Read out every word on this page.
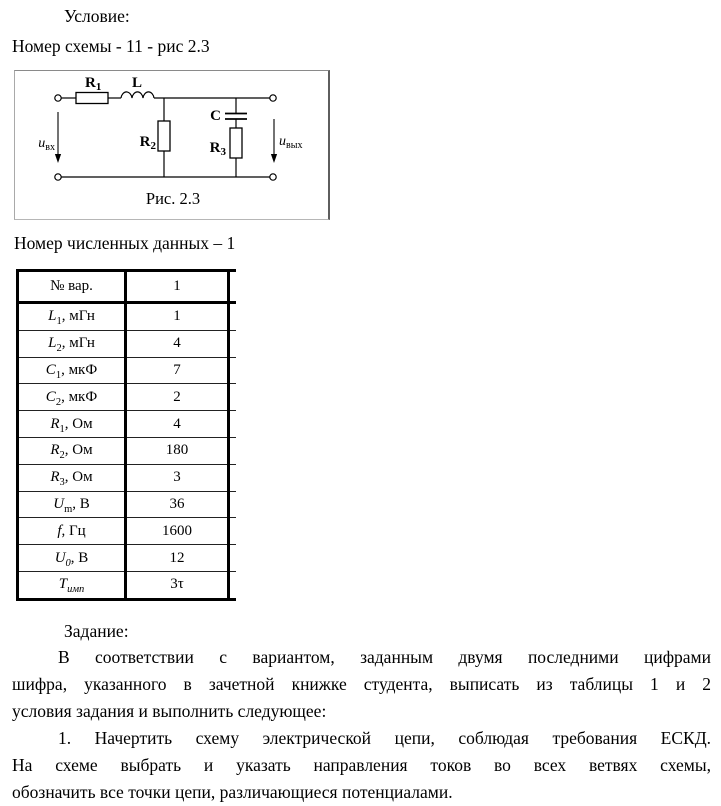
Условие:
Номер схемы - 11 - рис 2.3
$R_1$ L
$R_2$
C
$R_3$
$u_{вх}$	$u_{вых}$
Рис. 2.3
Номер численных данных – 1
№ вар.	1	
$L_1$, мГн	1	
$L_2$, мГн	4	
$C_1$, мкФ	7	
$C_2$, мкФ	2	
$R_1$, Ом	4	
$R_2$, Ом	180	
$R_3$, Ом	3	
$U_m$, В	36	
f, Гц	1600	
$U_0$, В	12	
$T_{имп}$	3τ	
Задание:
В соответствии с вариантом, заданным двумя последними цифрами
шифра, указанного в зачетной книжке студента, выписать из таблицы 1 и 2
условия задания и выполнить следующее:
1. Начертить схему электрической цепи, соблюдая требования ЕСКД.
На схеме выбрать и указать направления токов во всех ветвях схемы,
обозначить все точки цепи, различающиеся потенциалами.
